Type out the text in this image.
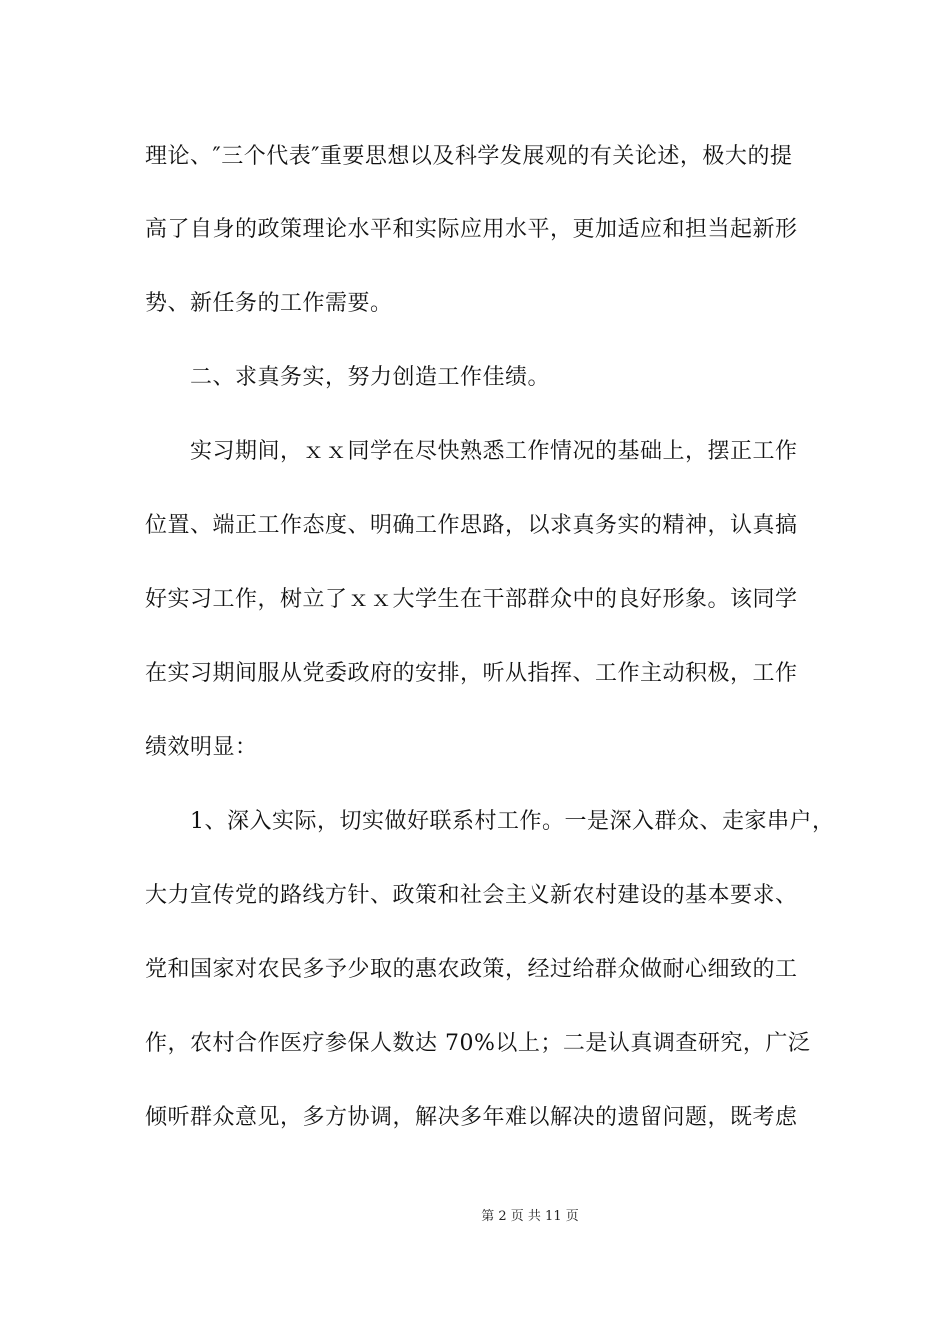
理论、″三个代表″重要思想以及科学发展观的有关论述，极大的提
高了自身的政策理论水平和实际应用水平，更加适应和担当起新形
势、新任务的工作需要。
二、求真务实，努力创造工作佳绩。
实习期间，ｘｘ同学在尽快熟悉工作情况的基础上，摆正工作
位置、端正工作态度、明确工作思路，以求真务实的精神，认真搞
好实习工作，树立了ｘｘ大学生在干部群众中的良好形象。该同学
在实习期间服从党委政府的安排，听从指挥、工作主动积极，工作
绩效明显：
1、深入实际，切实做好联系村工作。一是深入群众、走家串户，
大力宣传党的路线方针、政策和社会主义新农村建设的基本要求、
党和国家对农民多予少取的惠农政策，经过给群众做耐心细致的工
作，农村合作医疗参保人数达 70%以上；二是认真调查研究，广泛
倾听群众意见，多方协调，解决多年难以解决的遗留问题，既考虑
第 2 页 共 11 页
